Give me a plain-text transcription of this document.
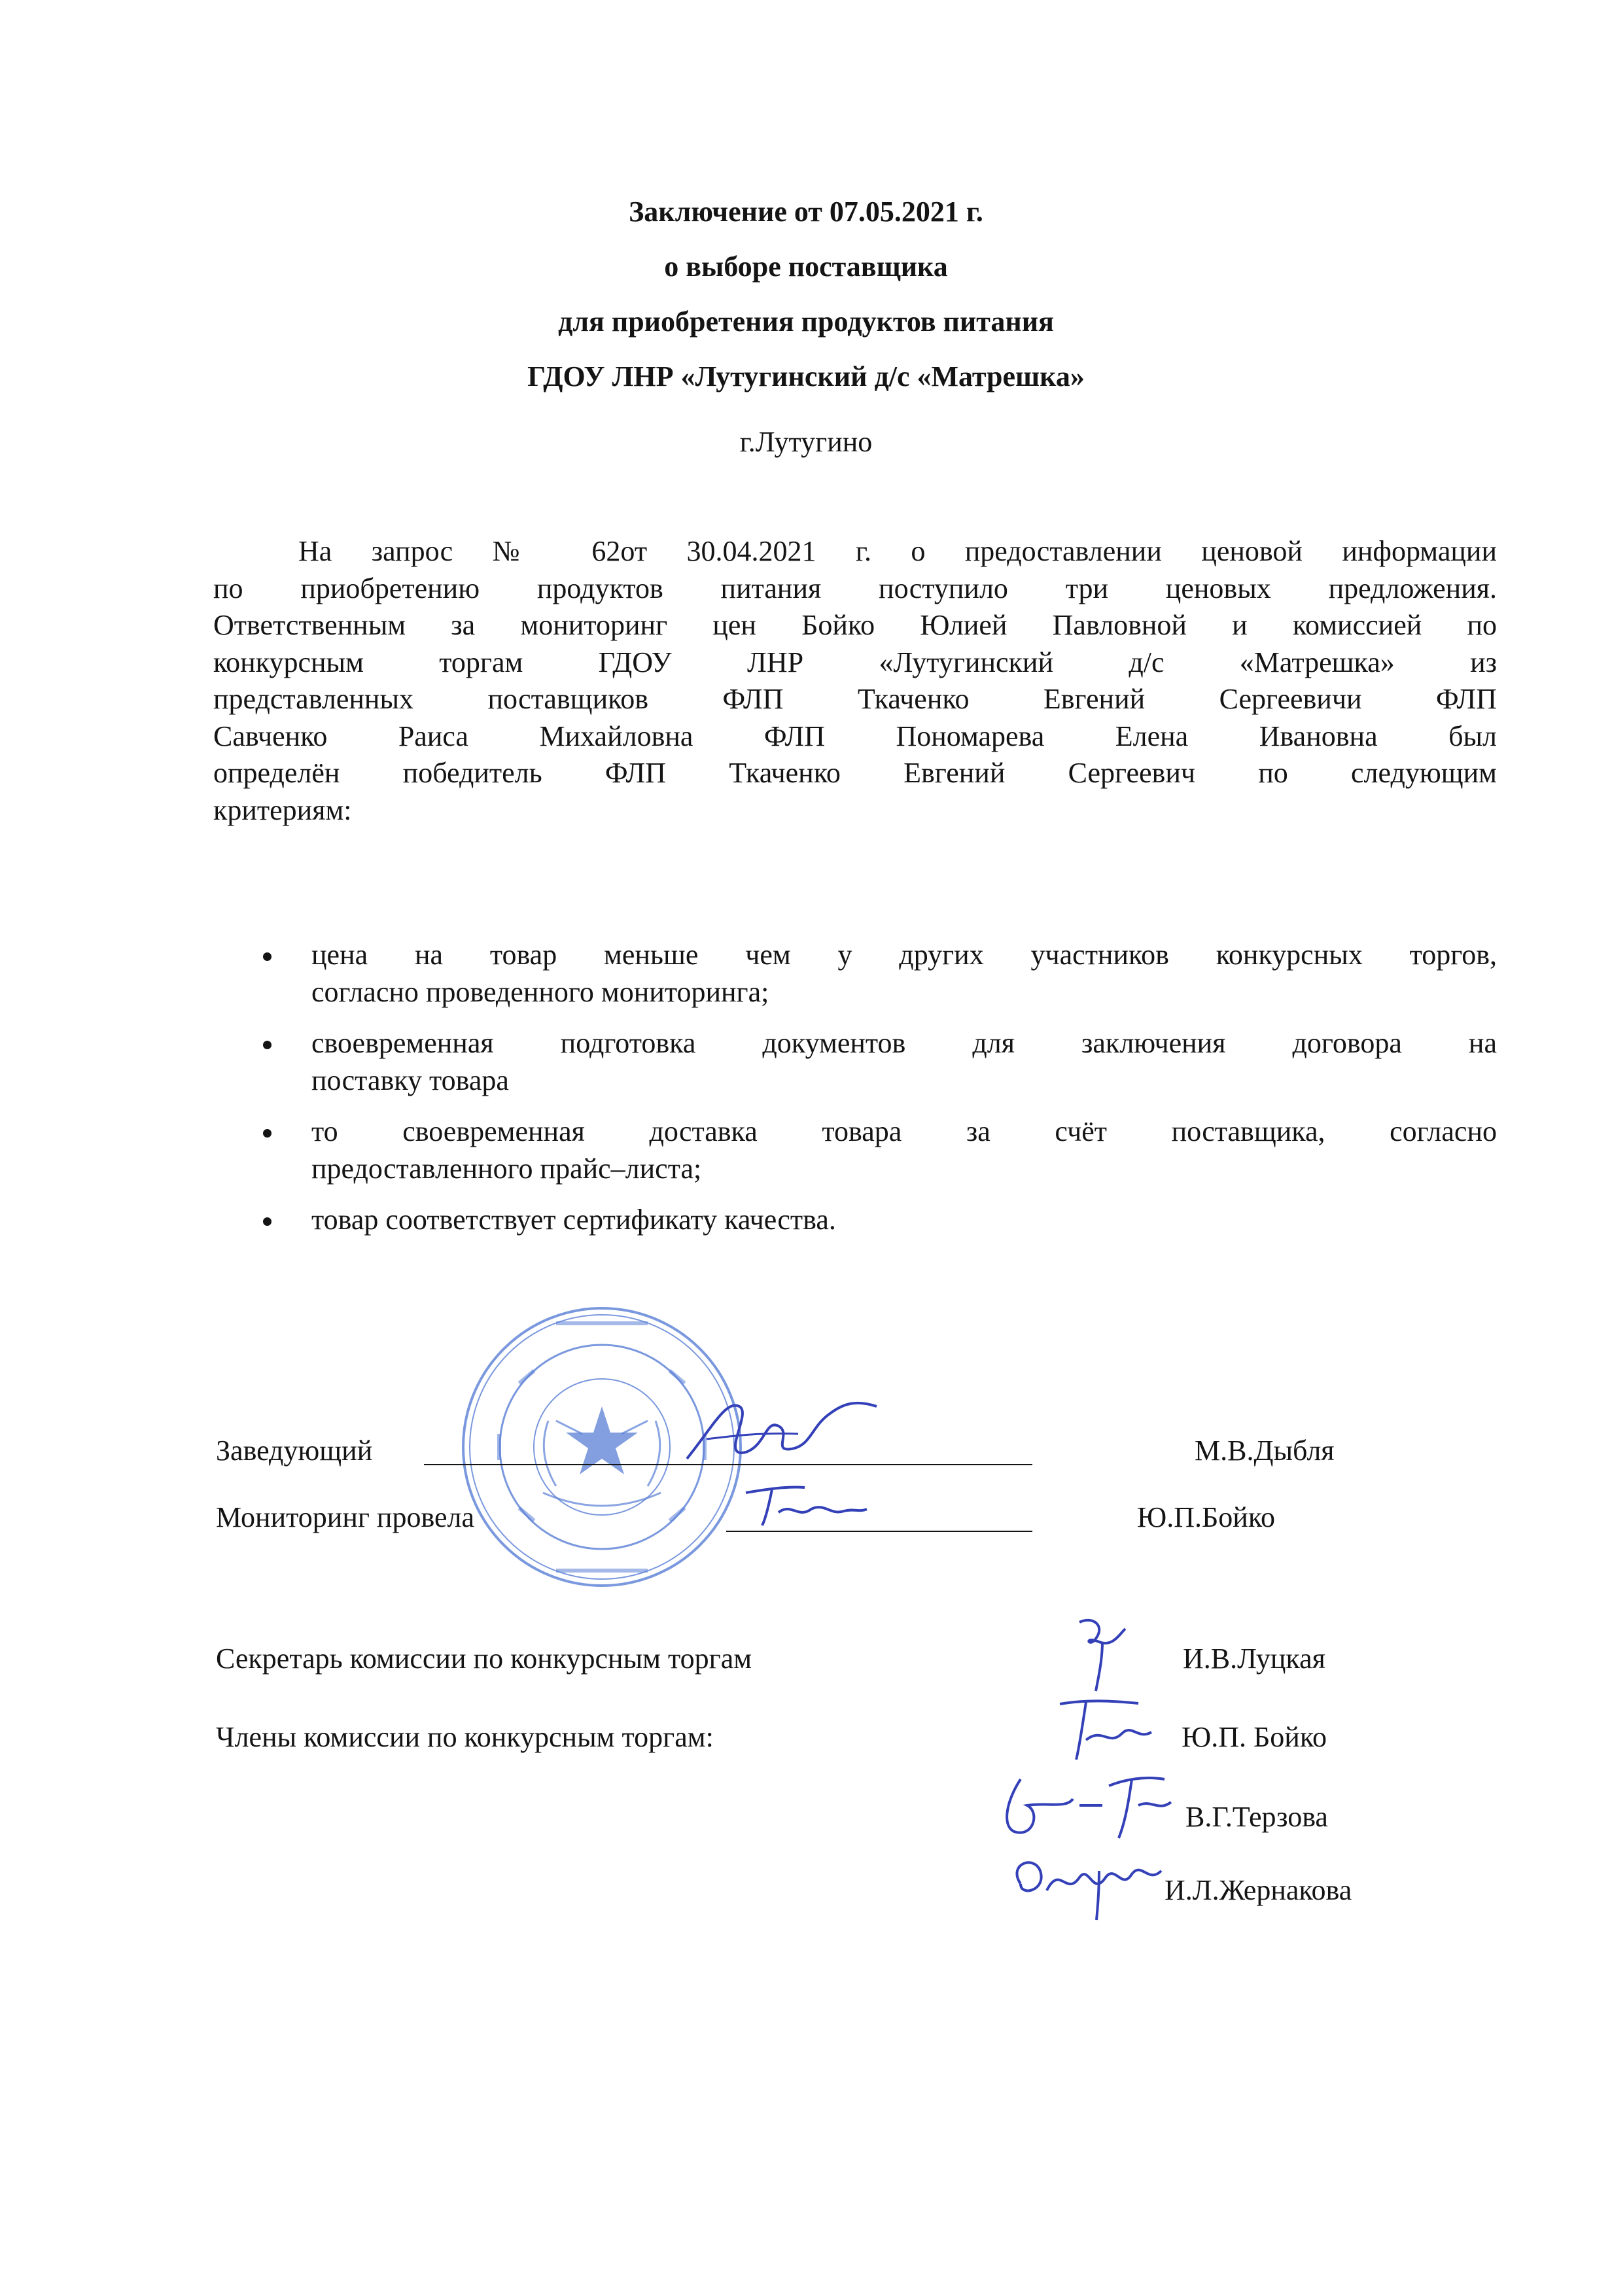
Заключение от 07.05.2021 г.
о выборе поставщика
для приобретения продуктов питания
ГДОУ ЛНР «Лутугинский д/с «Матрешка»
г.Лутугино
На запрос № 62от 30.04.2021 г. о предоставлении ценовой информации
по приобретению продуктов питания поступило три ценовых предложения.
Ответственным за мониторинг цен Бойко Юлией Павловной и комиссией по
конкурсным торгам ГДОУ ЛНР «Лутугинский д/с «Матрешка» из
представленных поставщиков ФЛП Ткаченко Евгений Сергеевичи ФЛП
Савченко Раиса Михайловна ФЛП Пономарева Елена Ивановна был
определён победитель ФЛП Ткаченко Евгений Сергеевич по следующим
критериям:
цена на товар меньше чем у других участников конкурсных торгов,
согласно проведенного мониторинга;
своевременная подготовка документов для заключения договора на
поставку товара
то своевременная доставка товара за счёт поставщика, согласно
предоставленного прайс–листа;
товар соответствует сертификату качества.
Заведующий	М.В.Дыбля
Мониторинг провела	Ю.П.Бойко
Секретарь комиссии по конкурсным торгам	И.В.Луцкая
Члены комиссии по конкурсным торгам:	Ю.П. Бойко
В.Г.Терзова
И.Л.Жернакова
